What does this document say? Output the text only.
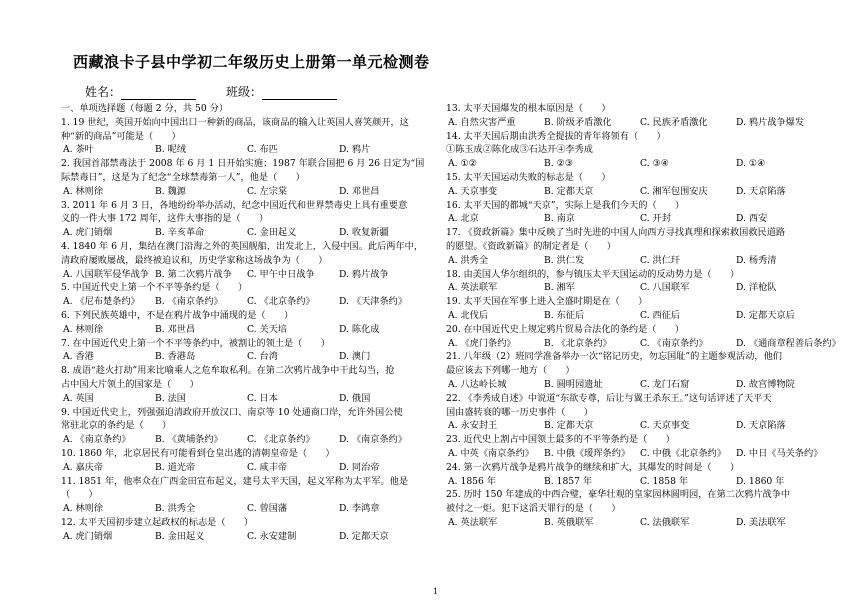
西藏浪卡子县中学初二年级历史上册第一单元检测卷
姓名：	班级：
一、单项选择题（每题 2 分，共 50 分）
1. 19 世纪，英国开始向中国出口一种新的商品，该商品的输入让英国人喜笑颜开，这
种“新的商品”可能是（　　）
A. 茶叶	B. 呢绒	C. 布匹	D. 鸦片
2. 我国首部禁毒法于 2008 年 6 月 1 日开始实施；1987 年联合国把 6 月 26 日定为“国
际禁毒日”，这是为了纪念“全球禁毒第一人”，他是（　　）
A. 林则徐	B. 魏源	C. 左宗棠	D. 邓世昌
3. 2011 年 6 月 3 日，各地纷纷举办活动，纪念中国近代和世界禁毒史上具有重要意
义的一件大事 172 周年，这件大事指的是（　　）
A. 虎门销烟	B. 辛亥革命	C. 金田起义	D. 收复新疆
4. 1840 年 6 月，集结在澳门沿海之外的英国舰船，出发北上，入侵中国。此后两年中，
清政府屡败屡战，最终被迫议和，历史学家称这场战争为（　　）
A. 八国联军侵华战争 B. 第二次鸦片战争	C. 甲午中日战争	D. 鸦片战争
5. 中国近代史上第一个不平等条约是（　　）
A. 《尼布楚条约》	B. 《南京条约》	C. 《北京条约》	D. 《天津条约》
6. 下列民族英雄中，不是在鸦片战争中涌现的是（　　）
A. 林则徐	B. 邓世昌	C. 关天培	D. 陈化成
7. 在中国近代史上第一个不平等条约中，被割让的领土是（　　）
A. 香港	B. 香港岛	C. 台湾	D. 澳门
8. 成语“趁火打劫”用来比喻乘人之危牟取私利。在第二次鸦片战争中干此勾当，抢
占中国大片领土的国家是（　　）
A. 英国	B. 法国	C. 日本	D. 俄国
9. 中国近代史上，列强强迫清政府开放汉口、南京等 10 处通商口岸，允许外国公使
常驻北京的条约是（　　）
A. 《南京条约》	B. 《黄埔条约》	C. 《北京条约》	D. 《南京条约》
10. 1860 年，北京居民有可能看到仓皇出逃的清朝皇帝是（　　）
A. 嘉庆帝	B. 道光帝	C. 咸丰帝	D. 同治帝
11. 1851 年，他率众在广西金田宣布起义，建号太平天国，起义军称为太平军。他是
（　　）
A. 林则徐	B. 洪秀全	C. 曾国藩	D. 李鸿章
12. 太平天国初步建立起政权的标志是（　　）
A. 虎门销烟	B. 金田起义	C. 永安建制	D. 定都天京
13. 太平天国爆发的根本原因是（　　）
A. 自然灾害严重	B. 阶级矛盾激化	C. 民族矛盾激化	D. 鸦片战争爆发
14. 太平天国后期由洪秀全提拔的青年将领有（　　）
①陈玉成②陈化成③石达开④李秀成
A. ①②	B. ②③	C. ③④	D. ①④
15. 太平天国运动失败的标志是（　　）
A. 天京事变	B. 定都天京	C. 湘军包围安庆	D. 天京陷落
16. 太平天国的都城“天京”，实际上是我们今天的（　　）
A. 北京	B. 南京	C. 开封	D. 西安
17. 《资政新篇》集中反映了当时先进的中国人向西方寻找真理和探索救国救民道路
的愿望。《资政新篇》的制定者是（　　）
A. 洪秀全	B. 洪仁发	C. 洪仁玕	D. 杨秀清
18. 由美国人华尔组织的，参与镇压太平天国运动的反动势力是（　　）
A. 英法联军	B. 湘军	C. 八国联军	D. 洋枪队
19. 太平天国在军事上进入全盛时期是在（　　）
A. 北伐后	B. 东征后	C. 西征后	D. 定都天京后
20. 在中国近代史上规定鸦片贸易合法化的条约是（　　）
A. 《虎门条约》	B. 《北京条约》	C. 《南京条约》	D. 《通商章程善后条约》
21. 八年级（2）班同学准备举办一次“铭记历史，勿忘国耻”的主题参观活动，他们
最应该去下列哪一地方（　　）
A. 八达岭长城	B. 圆明园遗址	C. 龙门石窟	D. 故宫博物院
22. 《李秀成自述》中说道“东欲专尊，后让与翼王杀东王。”这句话评述了天平天
国由盛转衰的哪一历史事件（　　）
A. 永安封王	B. 定都天京	C. 天京事变	D. 天京陷落
23. 近代史上割占中国领土最多的不平等条约是（　　）
A. 中英《南京条约》	B. 中俄《瑷珲条约》	C. 中俄《北京条约》	D. 中日《马关条约》
24. 第一次鸦片战争是鸦片战争的继续和扩大，其爆发的时间是（　　）
A. 1856 年	B. 1857 年	C. 1858 年	D. 1860 年
25. 历时 150 年建成的中西合璧，豪华壮观的皇家园林圆明园，在第二次鸦片战争中
被付之一炬。犯下这滔天罪行的是（　　）
A. 英法联军	B. 英俄联军	C. 法俄联军	D. 美法联军
1
